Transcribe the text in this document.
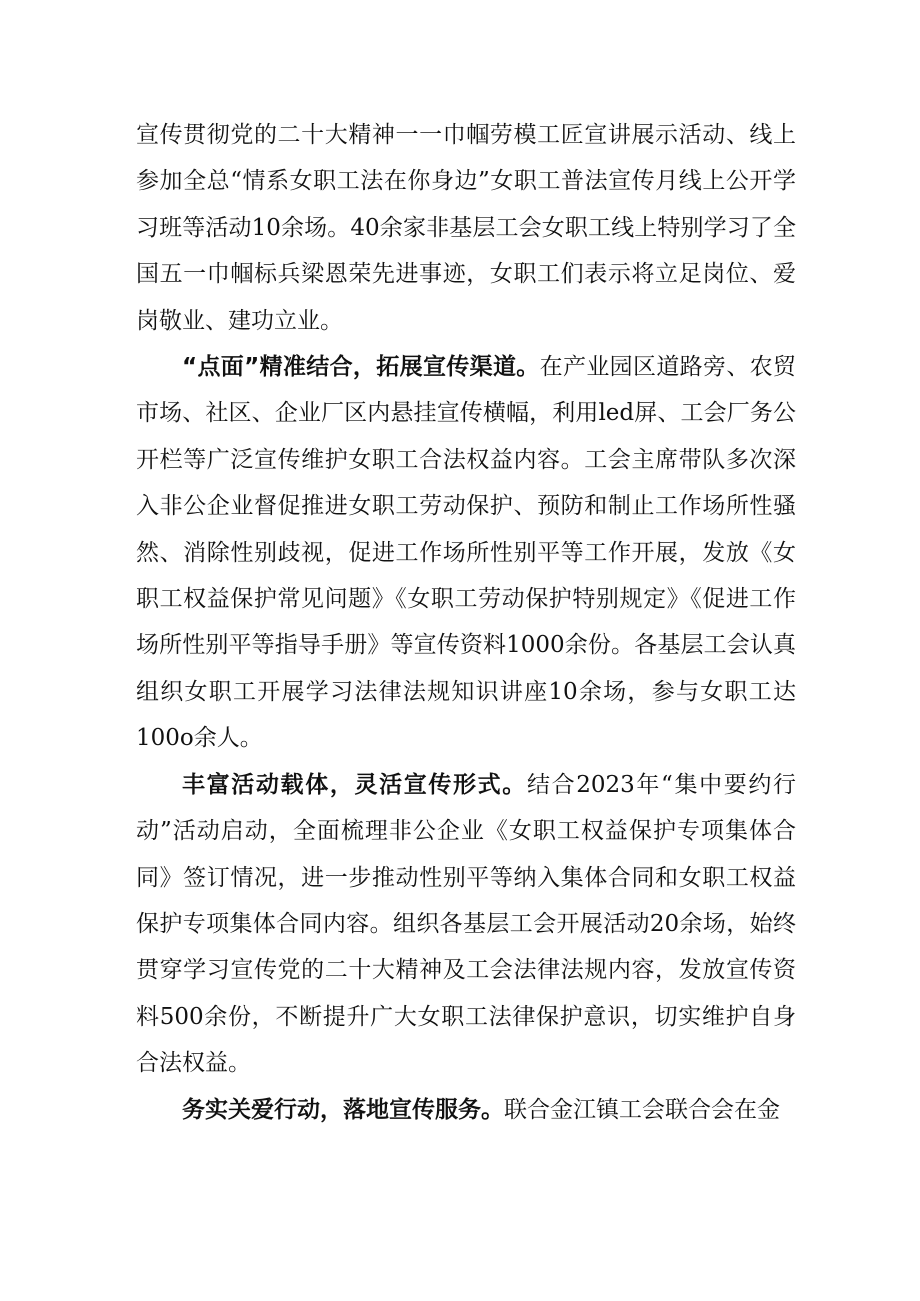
宣传贯彻党的二十大精神一一巾帼劳模工匠宣讲展示活动、线上参加全总“情系女职工法在你身边”女职工普法宣传月线上公开学习班等活动10余场。40余家非基层工会女职工线上特别学习了全国五一巾帼标兵梁恩荣先进事迹，女职工们表示将立足岗位、爱岗敬业、建功立业。

“点面”精准结合，拓展宣传渠道。在产业园区道路旁、农贸市场、社区、企业厂区内悬挂宣传横幅，利用led屏、工会厂务公开栏等广泛宣传维护女职工合法权益内容。工会主席带队多次深入非公企业督促推进女职工劳动保护、预防和制止工作场所性骚然、消除性别歧视，促进工作场所性别平等工作开展，发放《女职工权益保护常见问题》《女职工劳动保护特别规定》《促进工作场所性别平等指导手册》等宣传资料1000余份。各基层工会认真组织女职工开展学习法律法规知识讲座10余场，参与女职工达100o余人。

丰富活动载体，灵活宣传形式。结合2023年“集中要约行动”活动启动，全面梳理非公企业《女职工权益保护专项集体合同》签订情况，进一步推动性别平等纳入集体合同和女职工权益保护专项集体合同内容。组织各基层工会开展活动20余场，始终贯穿学习宣传党的二十大精神及工会法律法规内容，发放宣传资料500余份，不断提升广大女职工法律保护意识，切实维护自身合法权益。

务实关爱行动，落地宣传服务。联合金江镇工会联合会在金
